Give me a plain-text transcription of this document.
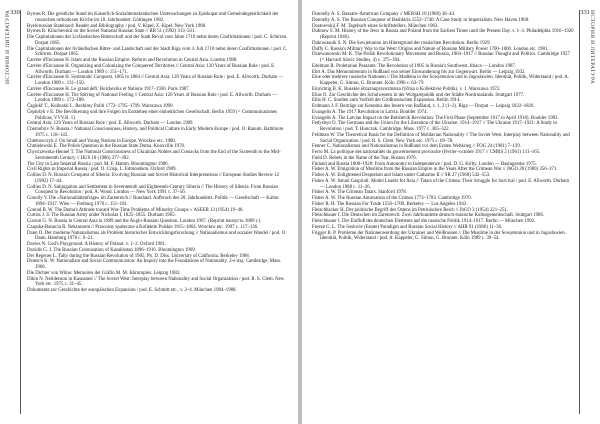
330
ИСТОРИЯ И ЛИТЕРАТУРА	Byrnes R. Die geistliche Stand im Kaiserlich-Sozialdemokratischen Untersuchungen zu Episkopat und Gemeindegeistlichkeit der russischen orthodoxen Kirche im 18. Jahrhundert. Göttingen 1982.

Byelorussian Statehood: Reader and Bibliography / pod. V. Kipel, Z. Kipel. New York 1988.

Byrnes R. Kliuchevskii on the Soviet National Russian State // RR 51 (1992) 313–331.

Die Capitulationen der Livländischen Ritterschaft und der Stadt Reval vom Jahre 1710 nebst deren Confirmationen / pod. C. Schirren. Dorpat 1865.

Die Capitulationen der livländischen Ritter- und Landschaft und der Stadt Riga vom 4. Juli 1710 nebst deren Confirmationen / pod. C. Schirren. Dorpat 1865.

Carrère d'Encausse H. Islam and the Russian Empire: Reform and Revolution in Central Asia. London 1988.

Carrère d'Encausse H. Organizing and Colonizing the Conquered Territories // Central Asia: 120 Years of Russian Rule / pod. E. Allworth. Durham — London 1989 c. 151–171.

Carrère d'Encausse H. Systematic Conquest, 1865 to 1884 // Central Asia: 120 Years of Russian Rule / pod. E. Allworth. Durham — London 1989 c. 131–150.

Carrère d'Encausse H. Le grand défi: Bolcheviks et Nations 1917–1930. Paris 1987.

Carrère d'Encausse H. The Stirring of National Feeling // Central Asia: 120 Years of Russian Rule / pod. E. Allworth. Durham — London 1989 c. 172–188.

Čaginkl' T., Kulinskii L. Rezhimy Politi 1772–1795–1799. Warszawa 1990.

Čepiušyk v E. Die Bevölkerung und ihre Folgen im Entstehen einer einheitlichen Gesellschaft. Berlin 1959 (= Communicationes Publicae, VVV.B. 1).

Central Asia: 120 Years of Russian Rule / pod. E. Allworth. Durham — London 1989.

Chernobriv N. Russia // National Consciousness, History, and Political Culture in Early Modern Europe / pod. O. Ranum. Baltimore 1975 c. 118–143.

Chlebowczyk J. On Small and Young Nations in Europe. Wrocław etc. 1980.

Chmielewski E. The Polish Question in the Russian State Duma. Knoxville 1970.

Chynczewska-Hennel T. The National Consciousness of Ukrainian Nobles and Cossacks from the End of the Sixteenth to the Mid-Seventeenth Century // HUS 10 (1986) 377–392.

The City in Late Imperial Russia / pod. M. F. Hamm. Bloomington 1986.

Civil Rights in Imperial Russia / pod. O. Crisp, L. Edmondson. Oxford 1989.

Collins D. N. Russia's Conquest of Siberia: Evolving Russian and Soviet Historical Interpretations // European Studies Review 12 (1982) 17–44.

Collins D. N. Subjugation and Settlement in Seventeenth and Eighteenth-Century Siberia // The History of Siberia. From Russian Conquest to Revolution / pod. A. Wood. London — New York 1991 c. 37–56.

Conolly V. Die «Nationalitätenfrage» im Zarenreich // Russland. Aufbruch des 20. Jahrhunderts. Politik — Gesellschaft — Kultur 1894–1917. Wien — Freiburg 1970 c. 151–181.

Conrad B. W. The Duma's Attitude toward War-Time Problems of Minority Groups // ASEER 13 (1954) 19–46.

Curtiss J. S. The Russian Army under Nicholas I, 1825–1855. Durham 1965.

Curzon G. N. Russia in Central Asia in 1889 and the Anglo-Russian Question. London 1967. (Reprint наизусть 1889 г.).

Czapska-Ranucia R. Nekrasnom // Prawosny społeczne a Kollektie Polskie 1815–1864. Wrocław etc. 1997 c. 117–136.

Dann O. Der moderne Nationalismus als Problem historischer Entwicklungsforschung // Nationalismus und sozialer Wandel / pod. O. Dann. Hamburg 1978 c. 9–21.

Davies N. God's Playground: A History of Poland. v. 1–2. Oxford 1981.

Davidis G. J. The Russian Colonization of Kazakhstan 1896–1916. Bloomington 1969.

Der Regener L. Tally during the Russian Revolution of 1905. Ph. D. Diss. University of California. Berkeley 1988.

Deutsch K. W. Nationalism and Social Communication: An Inquiry into the Foundations of Nationality. 2-e изд. Cambridge, Mass. 1966.

Die Dichter von Wilno: Memoires der Gräfin M. M. Khrumpiev. Leipzig 1883.

Dikin N. Nelidenson in Kasnamel // The Soviet West: Interplay between Nationality and Social Organization / pod. R. S. Clem. New York etc. 1975 c. 31–45.

Dokumente zur Geschichte der europäischen Expansion / pod. E. Schmitt etc., v. 2–4. München 1984–1988.

331 ИСТОРИЯ И ЛИТЕРАТУРА

Donnelly A. S. Bassam–American Company // MERSH 10 (1980) 36–44.

Donnelly A. S. The Russian Conquest of Bashkiria 1552–1740: A Case Study in Imperialism. New Haven 1968.

Dostoevskij F. M. Tagebuch eines Schriftstellers. München 1963.

Dubnow S. M. History of the Jews in Russia and Poland from the Earliest Times until the Present Day. v. 1–3. Philadelphia 1916–1920 (Reprint 1946).

Dukowasnik S. N. Die Sowjetunion im Hintergrund der russischen Revolution. Berlin 1929.

Duffy C. Russia's Military Way to the West: Origins and Nature of Russian Military Power 1700–1800. London etc. 1981.

Dziewanowski M. K. The Polish Revolutionary Movement and Russia, 1904–1917 // Russian Thought and Politics. Cambridge 1957 (= Harvard Slavic Studies, 4) c. 375–394.

Edelman R. Proletarian Peasants: The Revolution of 1905 in Russia's Southwest. Ithaca — London 1987.

Ehrt A. Das Mennonitentum in Rußland von seiner Einwanderung bis zur Gegenwart. Berlin — Leipzig 1932.

Eine oder mehrere russische Nationen // Die Madlena in der Sowjetunion und in Jugoslawien. Identität, Politik, Widerstand / pod. A. Kappeler, G. Simon, G. Brunner. Köln 1990 c. 63–79.

Einrichtig B. K. Russkie obraznopravozmatsa řýčitsa u Kollektivie Politiki, v. 1. Warszawa 1972.

Elias O. Zur Geschichte des Schulwesens in der Wolgarepublik und der Städte Nordrusslands. Stuttgart 1977.

Ellis H. C. Studien zum Vorfeld der Großrussischen Expansion. Berlin 1914.

Erdmann J. F. Beiträge zur Kenntnis des Innern von Rußland, v. 1, 2 (1–2). Riga — Dorpat — Leipzig 1822–1826.

Evangelis A. The 1917 Revolution in Latvia. Boulder 1974.

Evangelis A. The Latvian Impact on the Bolshevik Revolution: The First Phase (September 1917 to April 1918). Boulder 1983.

Fedyshyn O. The Germans and the Union for the Liberation of the Ukraine, 1914–1917 // The Ukraine 1917–1921: A Study in Revolution / pod. T. Hunczak. Cambridge, Mass. 1977 c. 305–322.

Feldman W. The Theoretical Basis for the Definition of Moldavian Nationality // The Soviet West. Interplay between Nationality and Social Organization / pod. R. S. Clem. New York etc. 1975 c. 69–78.

Fenner C. Nationalismus und Nationalismus in Rußland vor dem Ersten Weltkrieg // FOG 24 (1981) 7–139.

Ferro M. La politique des nationalités du gouvernement provisoire (février–octobre 1917 // CMRS 2 (1961) 131–165.

Field D. Rebels in the Name of the Tsar. Boston 1976.

Finland and Russia 1808–1920: From Autonomy to Independence / pod. D. G. Kirby. London — Basingstoke 1975.

Fisher A. W. Emigration of Muslims from the Russian Empire in the Years After the Crimean War // JbGO 28 (1980) 356–371.

Fisher A. W. Enlightened Despotism and Islam under Catharine II // SR 27 (1968) 542–553.

Fisher A. W. Ismail Gaspirali: Model Leader for Asia // Tatars of the Crimea: Their Struggle for Survival / pod. E. Allworth. Durham — London 1988 c. 11–26.

Fisher A. W. The Crimean Tatars. Stanford 1978.

Fisher A. W. The Russian Annexation of the Crimea 1772–1783. Cambridge 1970.

Fisher R. H. The Russian Fur Trade 1550–1700. Berkeley — Los Angeles 1943.

Fleischhacker H. Der politische Begriff des Ostens im Petrinischen Reich // JbGO 3 (1954) 221–251.

Fleischhauer I. Die Deutschen im Zarenreich: Zwei Jahrhunderte deutsch-russische Kulturgemeinschaft. Stuttgart 1986.

Fleischhauer I. Der Einfluß des deutschen Elements auf die russische Politik 1914–1917. Berlin — München 1992.

Freeze G. L. The Soslovie (Estate) Paradigm and Russian Social History // AHR 91 (1986) 11–36.

Frigger B. P. Probleme der Nationenwerdung der Ukrainer und Weißrussen // Die Muslime in der Sowjetunion und in Jugoslawien. Identität, Politik, Widerstand / pod. A. Kappeler, G. Simon, G. Brunner. Köln 1989 c. 39–54.
